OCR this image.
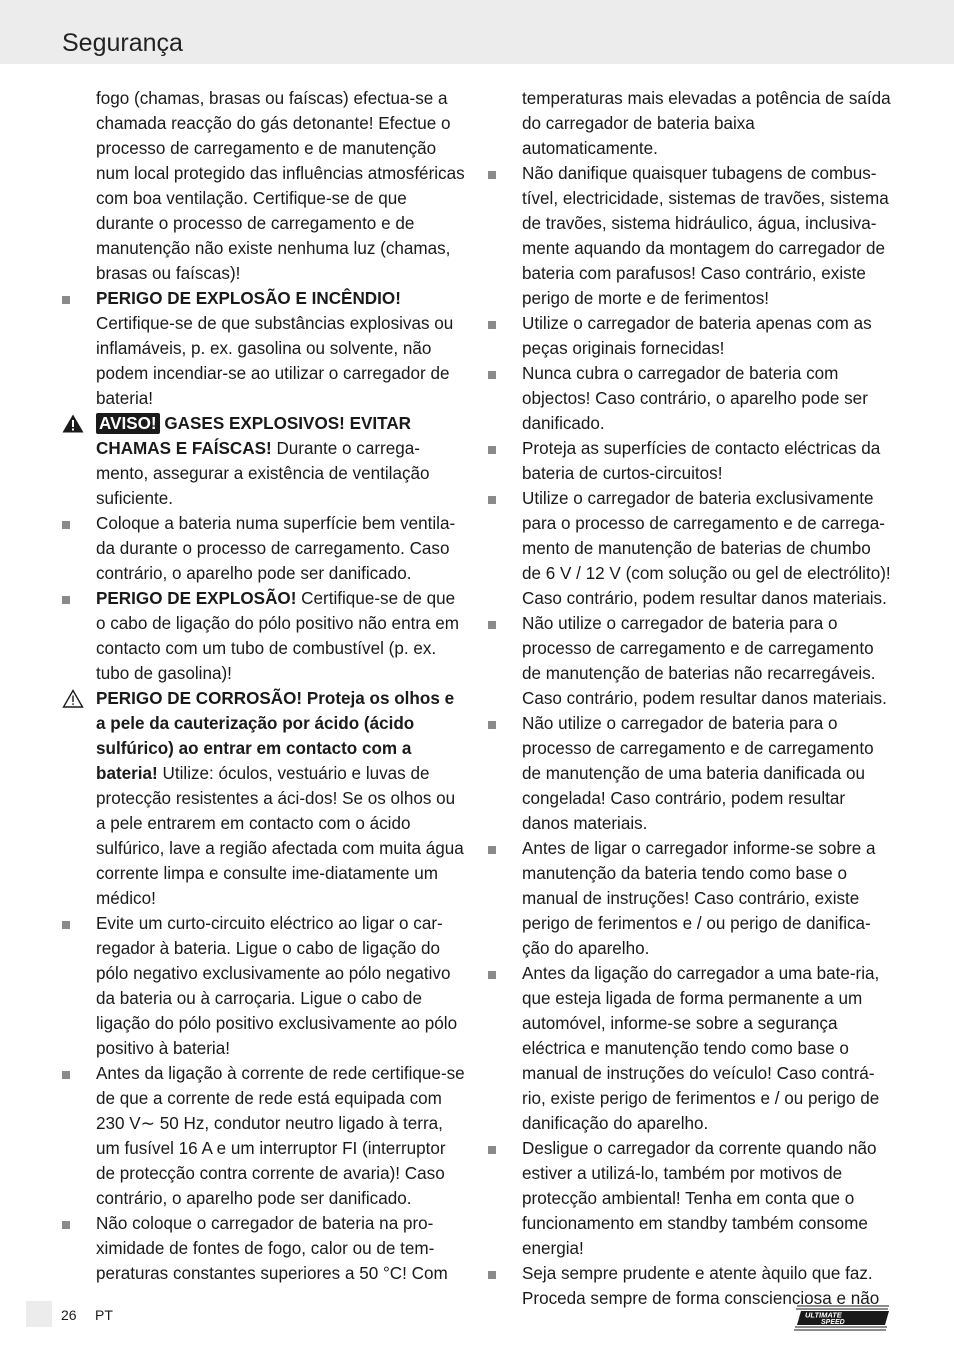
Segurança

fogo (chamas, brasas ou faíscas) efectua-se a chamada reacção do gás detonante! Efectue o processo de carregamento e de manutenção num local protegido das influências atmosféricas com boa ventilação. Certifique-se de que durante o processo de carregamento e de manutenção não existe nenhuma luz (chamas, brasas ou faíscas)!

PERIGO DE EXPLOSÃO E INCÊNDIO!
Certifique-se de que substâncias explosivas ou inflamáveis, p. ex. gasolina ou solvente, não podem incendiar-se ao utilizar o carregador de bateria!

AVISO! GASES EXPLOSIVOS! EVITAR CHAMAS E FAÍSCAS! Durante o carrega-mento, assegurar a existência de ventilação suficiente.

Coloque a bateria numa superfície bem ventila-da durante o processo de carregamento. Caso contrário, o aparelho pode ser danificado.

PERIGO DE EXPLOSÃO! Certifique-se de que o cabo de ligação do pólo positivo não entra em contacto com um tubo de combustível (p. ex. tubo de gasolina)!

PERIGO DE CORROSÃO! Proteja os olhos e a pele da cauterização por ácido (ácido sulfúrico) ao entrar em contacto com a bateria! Utilize: óculos, vestuário e luvas de protecção resistentes a áci-dos! Se os olhos ou a pele entrarem em contacto com o ácido sulfúrico, lave a região afectada com muita água corrente limpa e consulte ime-diatamente um médico!

Evite um curto-circuito eléctrico ao ligar o car-regador à bateria. Ligue o cabo de ligação do pólo negativo exclusivamente ao pólo negativo da bateria ou à carroçaria. Ligue o cabo de ligação do pólo positivo exclusivamente ao pólo positivo à bateria!

Antes da ligação à corrente de rede certifique-se de que a corrente de rede está equipada com 230 V∼ 50 Hz, condutor neutro ligado à terra, um fusível 16 A e um interruptor FI (interruptor de protecção contra corrente de avaria)! Caso contrário, o aparelho pode ser danificado.

Não coloque o carregador de bateria na pro-ximidade de fontes de fogo, calor ou de tem-peraturas constantes superiores a 50 °C! Com

temperaturas mais elevadas a potência de saída do carregador de bateria baixa automaticamente.

Não danifique quaisquer tubagens de combus-tível, electricidade, sistemas de travões, sistema de travões, sistema hidráulico, água, inclusiva-mente aquando da montagem do carregador de bateria com parafusos! Caso contrário, existe perigo de morte e de ferimentos!

Utilize o carregador de bateria apenas com as peças originais fornecidas!

Nunca cubra o carregador de bateria com objectos! Caso contrário, o aparelho pode ser danificado.

Proteja as superfícies de contacto eléctricas da bateria de curtos-circuitos!

Utilize o carregador de bateria exclusivamente para o processo de carregamento e de carrega-mento de manutenção de baterias de chumbo de 6 V / 12 V (com solução ou gel de electrólito)! Caso contrário, podem resultar danos materiais.

Não utilize o carregador de bateria para o processo de carregamento e de carregamento de manutenção de baterias não recarregáveis. Caso contrário, podem resultar danos materiais.

Não utilize o carregador de bateria para o processo de carregamento e de carregamento de manutenção de uma bateria danificada ou congelada! Caso contrário, podem resultar danos materiais.

Antes de ligar o carregador informe-se sobre a manutenção da bateria tendo como base o manual de instruções! Caso contrário, existe perigo de ferimentos e / ou perigo de danifica-ção do aparelho.

Antes da ligação do carregador a uma bate-ria, que esteja ligada de forma permanente a um automóvel, informe-se sobre a segurança eléctrica e manutenção tendo como base o manual de instruções do veículo! Caso contrá-rio, existe perigo de ferimentos e / ou perigo de danificação do aparelho.

Desligue o carregador da corrente quando não estiver a utilizá-lo, também por motivos de protecção ambiental! Tenha em conta que o funcionamento em standby também consome energia!

Seja sempre prudente e atente àquilo que faz. Proceda sempre de forma conscienciosa e não

26 PT	ULTIMATE
SPEED
